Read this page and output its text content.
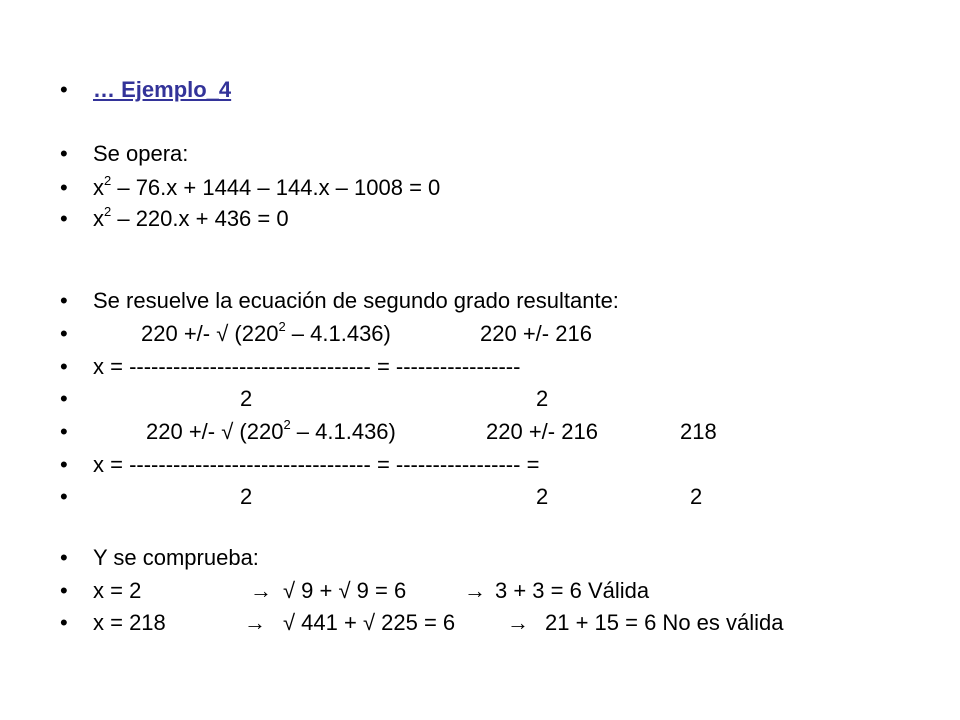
• … Ejemplo_4
• Se opera:
• $x^2 - 76.x + 1444 - 144.x - 1008 = 0$
• $x^2 - 220.x + 436 = 0$
• Se resuelve la ecuación de segundo grado resultante:
•	220 +/- √ $(220^2 - 4.1.436)$	220 +/- 216
• x = --------------------------------- = -----------------
•	2	2
•	220 +/- √ $(220^2 - 4.1.436)$	220 +/- 216	218
• x = --------------------------------- = ----------------- =
•	2	2	2
• Y se comprueba:
• x = 2	→ √ 9 + √ 9 = 6	→ 3 + 3 = 6 Válida
• x = 218	→ √ 441 + √ 225 = 6 → 21 + 15 = 6 No es válida
